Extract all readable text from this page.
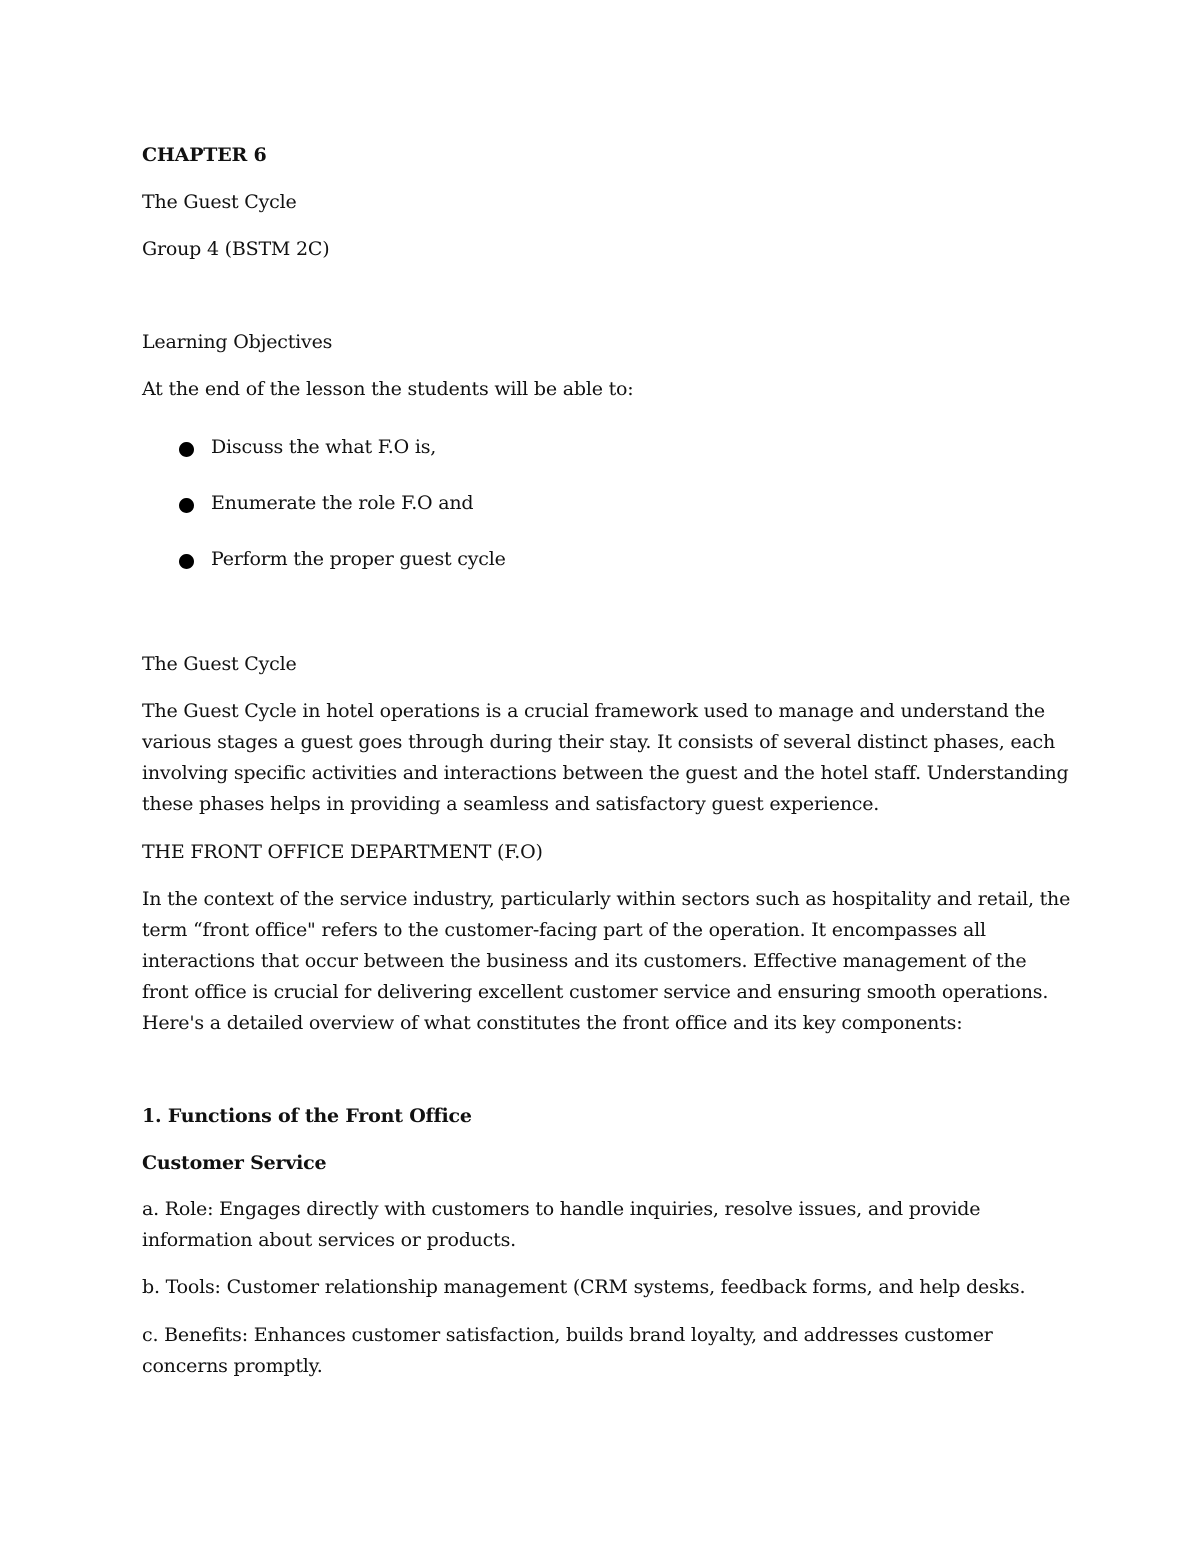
CHAPTER 6

The Guest Cycle

Group 4 (BSTM 2C)

Learning Objectives

At the end of the lesson the students will be able to:

Discuss the what F.O is,
Enumerate the role F.O and
Perform the proper guest cycle

The Guest Cycle

The Guest Cycle in hotel operations is a crucial framework used to manage and understand the various stages a guest goes through during their stay. It consists of several distinct phases, each involving specific activities and interactions between the guest and the hotel staff. Understanding these phases helps in providing a seamless and satisfactory guest experience.

THE FRONT OFFICE DEPARTMENT (F.O)

In the context of the service industry, particularly within sectors such as hospitality and retail, the term “front office" refers to the customer-facing part of the operation. It encompasses all interactions that occur between the business and its customers. Effective management of the front office is crucial for delivering excellent customer service and ensuring smooth operations. Here's a detailed overview of what constitutes the front office and its key components:

1. Functions of the Front Office

Customer Service

a. Role: Engages directly with customers to handle inquiries, resolve issues, and provide information about services or products.

b. Tools: Customer relationship management (CRM systems, feedback forms, and help desks.

c. Benefits: Enhances customer satisfaction, builds brand loyalty, and addresses customer concerns promptly.
